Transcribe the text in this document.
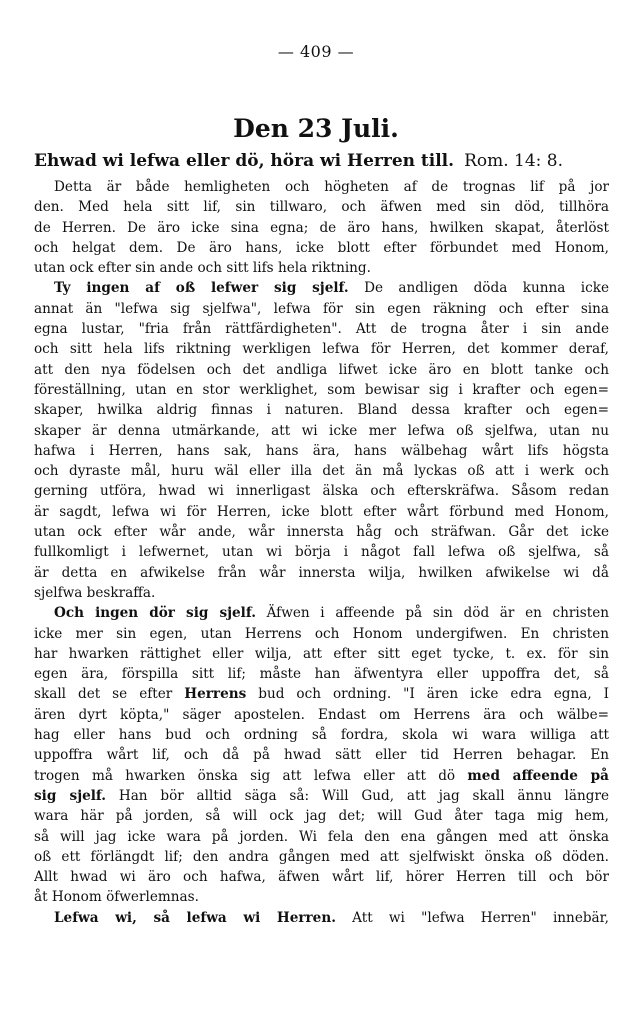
— 409 —
Den 23 Juli.
Ehwad wi lefwa eller dö, höra wi Herren till. Rom. 14: 8.
Detta är både hemligheten och högheten af de trognas lif på jor
den. Med hela sitt lif, sin tillwaro, och äfwen med sin död, tillhöra
de Herren. De äro icke sina egna; de äro hans, hwilken skapat, återlöst
och helgat dem. De äro hans, icke blott efter förbundet med Honom,
utan ock efter sin ande och sitt lifs hela riktning.
Ty ingen af oß lefwer sig sjelf. De andligen döda kunna icke
annat än "lefwa sig sjelfwa", lefwa för sin egen räkning och efter sina
egna lustar, "fria från rättfärdigheten". Att de trogna åter i sin ande
och sitt hela lifs riktning werkligen lefwa för Herren, det kommer deraf,
att den nya födelsen och det andliga lifwet icke äro en blott tanke och
föreställning, utan en stor werklighet, som bewisar sig i krafter och egen=
skaper, hwilka aldrig finnas i naturen. Bland dessa krafter och egen=
skaper är denna utmärkande, att wi icke mer lefwa oß sjelfwa, utan nu
hafwa i Herren, hans sak, hans ära, hans wälbehag wårt lifs högsta
och dyraste mål, huru wäl eller illa det än må lyckas oß att i werk och
gerning utföra, hwad wi innerligast älska och efterskräfwa. Såsom redan
är sagdt, lefwa wi för Herren, icke blott efter wårt förbund med Honom,
utan ock efter wår ande, wår innersta håg och sträfwan. Går det icke
fullkomligt i lefwernet, utan wi börja i något fall lefwa oß sjelfwa, så
är detta en afwikelse från wår innersta wilja, hwilken afwikelse wi då
sjelfwa beskraffa.
Och ingen dör sig sjelf. Äfwen i affeende på sin död är en christen
icke mer sin egen, utan Herrens och Honom undergifwen. En christen
har hwarken rättighet eller wilja, att efter sitt eget tycke, t. ex. för sin
egen ära, förspilla sitt lif; måste han äfwentyra eller uppoffra det, så
skall det se efter Herrens bud och ordning. "I ären icke edra egna, I
ären dyrt köpta," säger apostelen. Endast om Herrens ära och wälbe=
hag eller hans bud och ordning så fordra, skola wi wara williga att
uppoffra wårt lif, och då på hwad sätt eller tid Herren behagar. En
trogen må hwarken önska sig att lefwa eller att dö med affeende på
sig sjelf. Han bör alltid säga så: Will Gud, att jag skall ännu längre
wara här på jorden, så will ock jag det; will Gud åter taga mig hem,
så will jag icke wara på jorden. Wi fela den ena gången med att önska
oß ett förlängdt lif; den andra gången med att sjelfwiskt önska oß döden.
Allt hwad wi äro och hafwa, äfwen wårt lif, hörer Herren till och bör
åt Honom öfwerlemnas.
Lefwa wi, så lefwa wi Herren. Att wi "lefwa Herren" innebär,
